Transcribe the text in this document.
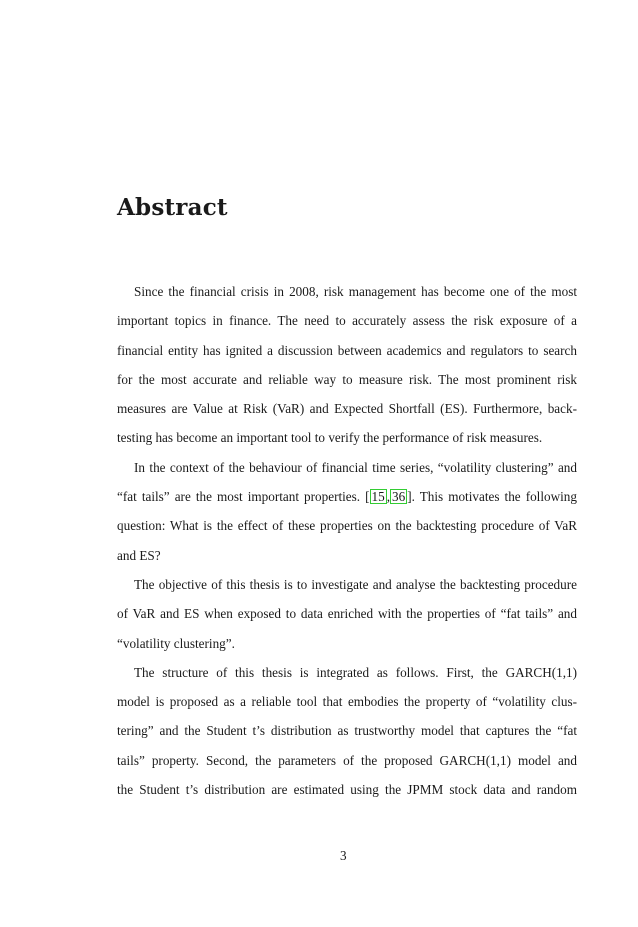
Abstract
Since the financial crisis in 2008, risk management has become one of the most
important topics in finance. The need to accurately assess the risk exposure of a
financial entity has ignited a discussion between academics and regulators to search
for the most accurate and reliable way to measure risk. The most prominent risk
measures are Value at Risk (VaR) and Expected Shortfall (ES). Furthermore, back-
testing has become an important tool to verify the performance of risk measures.
In the context of the behaviour of financial time series, “volatility clustering” and
“fat tails” are the most important properties. [ 15 , 36 ]. This motivates the following
question: What is the effect of these properties on the backtesting procedure of VaR
and ES?
The objective of this thesis is to investigate and analyse the backtesting procedure
of VaR and ES when exposed to data enriched with the properties of “fat tails” and
“volatility clustering”.
The structure of this thesis is integrated as follows. First, the GARCH(1,1)
model is proposed as a reliable tool that embodies the property of “volatility clus-
tering” and the Student t’s distribution as trustworthy model that captures the “fat
tails” property. Second, the parameters of the proposed GARCH(1,1) model and
the Student t’s distribution are estimated using the JPMM stock data and random
3
